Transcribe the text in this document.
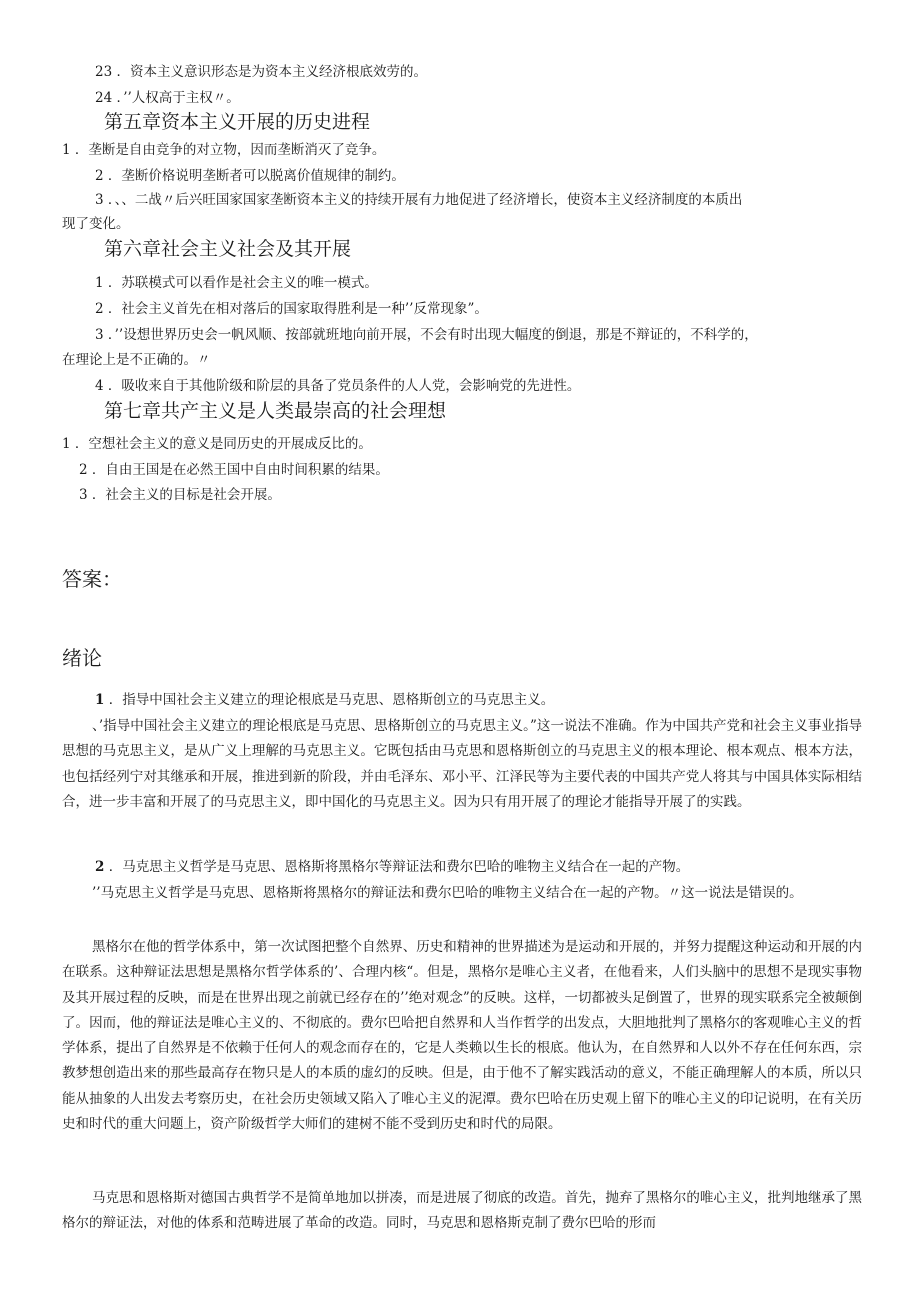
23 ．资本主义意识形态是为资本主义经济根底效劳的。
24 ．’’人权高于主权〃。
第五章资本主义开展的历史进程
1 ．垄断是自由竞争的对立物，因而垄断消灭了竞争。
2 ．垄断价格说明垄断者可以脱离价值规律的制约。
3 ．、、二战〃后兴旺国家国家垄断资本主义的持续开展有力地促进了经济增长，使资本主义经济制度的本质出
现了变化。
第六章社会主义社会及其开展
1 ．苏联模式可以看作是社会主义的唯一模式。
2 ．社会主义首先在相对落后的国家取得胜利是一种’’反常现象”。
3 ．’’设想世界历史会一帆风顺、按部就班地向前开展，不会有时出现大幅度的倒退，那是不辩证的，不科学的，
在理论上是不正确的。〃
4 ．吸收来自于其他阶级和阶层的具备了党员条件的人人党，会影响党的先进性。
第七章共产主义是人类最崇高的社会理想
1 ．空想社会主义的意义是同历史的开展成反比的。
2 ．自由王国是在必然王国中自由时间积累的结果。
3 ．社会主义的目标是社会开展。
答案：
绪论
1 ．指导中国社会主义建立的理论根底是马克思、恩格斯创立的马克思主义。
、’指导中国社会主义建立的理论根底是马克思、思格斯创立的马克思主义。”这一说法不准确。作为中国共产党和社会主义事业指导思想的马克思主义，是从广义上理解的马克思主义。它既包括由马克思和恩格斯创立的马克思主义的根本理论、根本观点、根本方法，也包括经列宁对其继承和开展，推进到新的阶段，并由毛泽东、邓小平、江泽民等为主要代表的中国共产党人将其与中国具体实际相结合，进一步丰富和开展了的马克思主义，即中国化的马克思主义。因为只有用开展了的理论才能指导开展了的实践。
2 ．马克思主义哲学是马克思、恩格斯将黑格尔等辩证法和费尔巴哈的唯物主义结合在一起的产物。
’’马克思主义哲学是马克思、恩格斯将黑格尔的辩证法和费尔巴哈的唯物主义结合在一起的产物。〃这一说法是错误的。
黑格尔在他的哲学体系中，第一次试图把整个自然界、历史和精神的世界描述为是运动和开展的，并努力提醒这种运动和开展的内在联系。这种辩证法思想是黑格尔哲学体系的’、合理内核“。但是，黑格尔是唯心主义者，在他看来，人们头脑中的思想不是现实事物及其开展过程的反映，而是在世界出现之前就已经存在的’’绝对观念”的反映。这样，一切都被头足倒置了，世界的现实联系完全被颠倒了。因而，他的辩证法是唯心主义的、不彻底的。费尔巴哈把自然界和人当作哲学的出发点，大胆地批判了黑格尔的客观唯心主义的哲学体系，提出了自然界是不依赖于任何人的观念而存在的，它是人类赖以生长的根底。他认为，在自然界和人以外不存在任何东西，宗教梦想创造出来的那些最高存在物只是人的本质的虚幻的反映。但是，由于他不了解实践活动的意义，不能正确理解人的本质，所以只能从抽象的人出发去考察历史，在社会历史领域又陷入了唯心主义的泥潭。费尔巴哈在历史观上留下的唯心主义的印记说明，在有关历史和时代的重大问题上，资产阶级哲学大师们的建树不能不受到历史和时代的局限。
马克思和恩格斯对德国古典哲学不是简单地加以拼凑，而是进展了彻底的改造。首先，抛弃了黑格尔的唯心主义，批判地继承了黑格尔的辩证法，对他的体系和范畴进展了革命的改造。同时，马克思和恩格斯克制了费尔巴哈的形而
